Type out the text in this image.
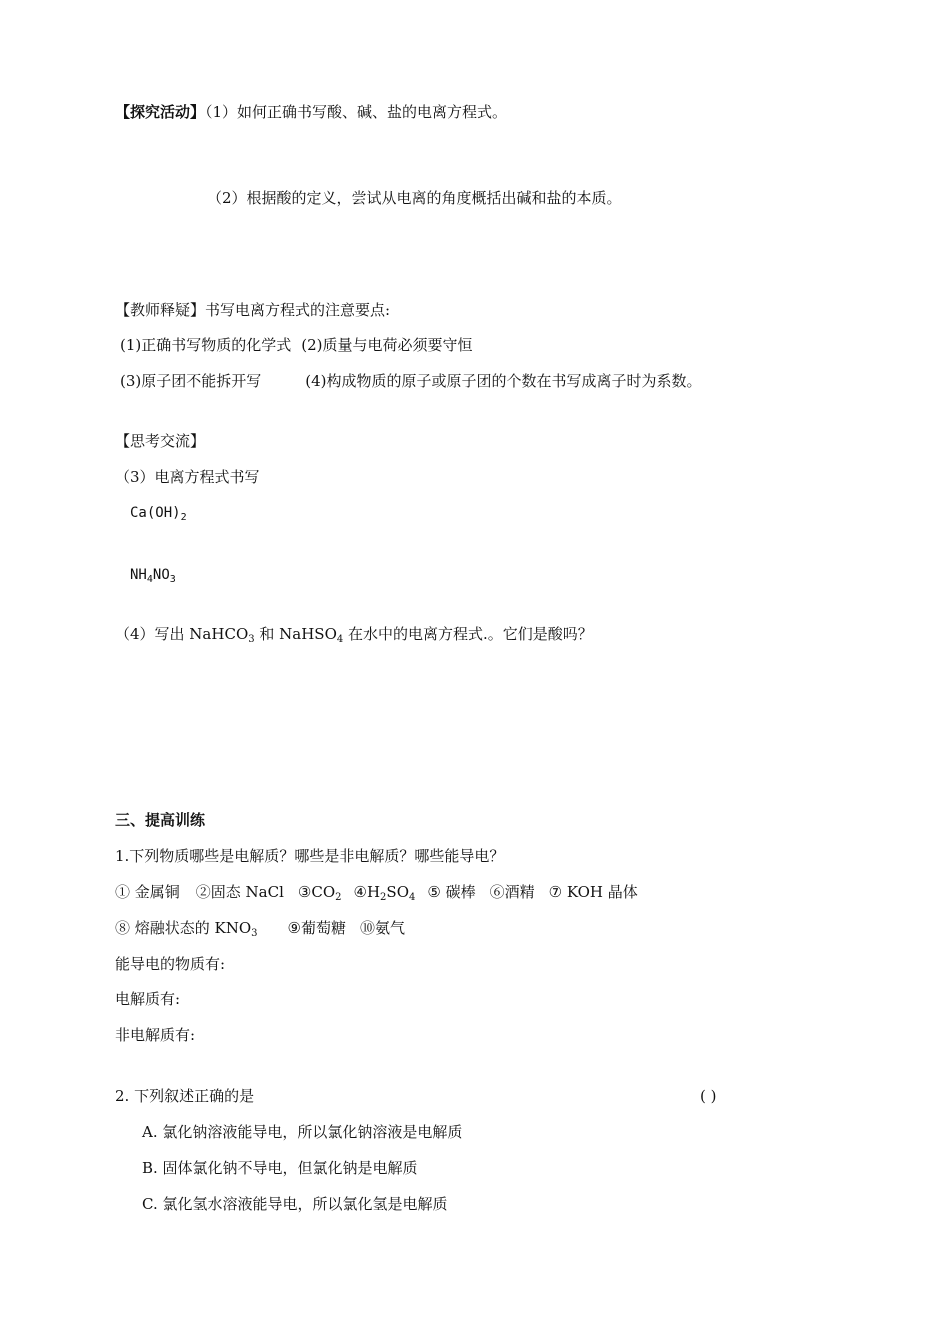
【探究活动】（1）如何正确书写酸、碱、盐的电离方程式。
（2）根据酸的定义，尝试从电离的角度概括出碱和盐的本质。
【教师释疑】书写电离方程式的注意要点:
(1)正确书写物质的化学式 (2)质量与电荷必须要守恒
(3)原子团不能拆开写	(4)构成物质的原子或原子团的个数在书写成离子时为系数。
【思考交流】
（3）电离方程式书写
$Ca(OH)_2$
$NH_4NO_3$
（4）写出 NaHCO$_3$ 和 NaHSO$_4$ 在水中的电离方程式.。它们是酸吗？
三、提高训练
1.下列物质哪些是电解质？哪些是非电解质？哪些能导电？
① 金属铜 ②固态 NaCl $③CO_2$ $④H_2SO_4$ ⑤ 碳棒 ⑥酒精 ⑦ KOH 晶体
⑧ 熔融状态的 $KNO_3$ ⑨葡萄糖 ⑩氨气
能导电的物质有:
电解质有:
非电解质有:
2. 下列叙述正确的是	( )
A. 氯化钠溶液能导电，所以氯化钠溶液是电解质
B. 固体氯化钠不导电，但氯化钠是电解质
C. 氯化氢水溶液能导电，所以氯化氢是电解质
